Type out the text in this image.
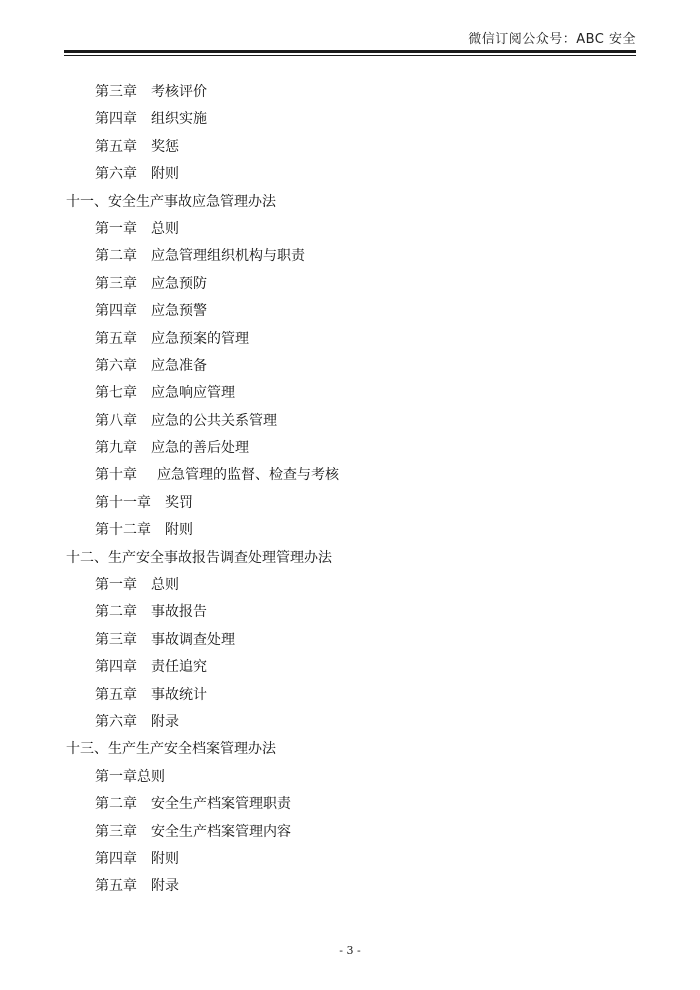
微信订阅公众号：ABC 安全
第三章 考核评价
第四章 组织实施
第五章 奖惩
第六章 附则
十一、安全生产事故应急管理办法
第一章 总则
第二章 应急管理组织机构与职责
第三章 应急预防
第四章 应急预警
第五章 应急预案的管理
第六章 应急准备
第七章 应急响应管理
第八章 应急的公共关系管理
第九章 应急的善后处理
第十章 应急管理的监督、检查与考核
第十一章 奖罚
第十二章 附则
十二、生产安全事故报告调查处理管理办法
第一章 总则
第二章 事故报告
第三章 事故调查处理
第四章 责任追究
第五章 事故统计
第六章 附录
十三、生产生产安全档案管理办法
第一章总则
第二章 安全生产档案管理职责
第三章 安全生产档案管理内容
第四章 附则
第五章 附录
- 3 -
